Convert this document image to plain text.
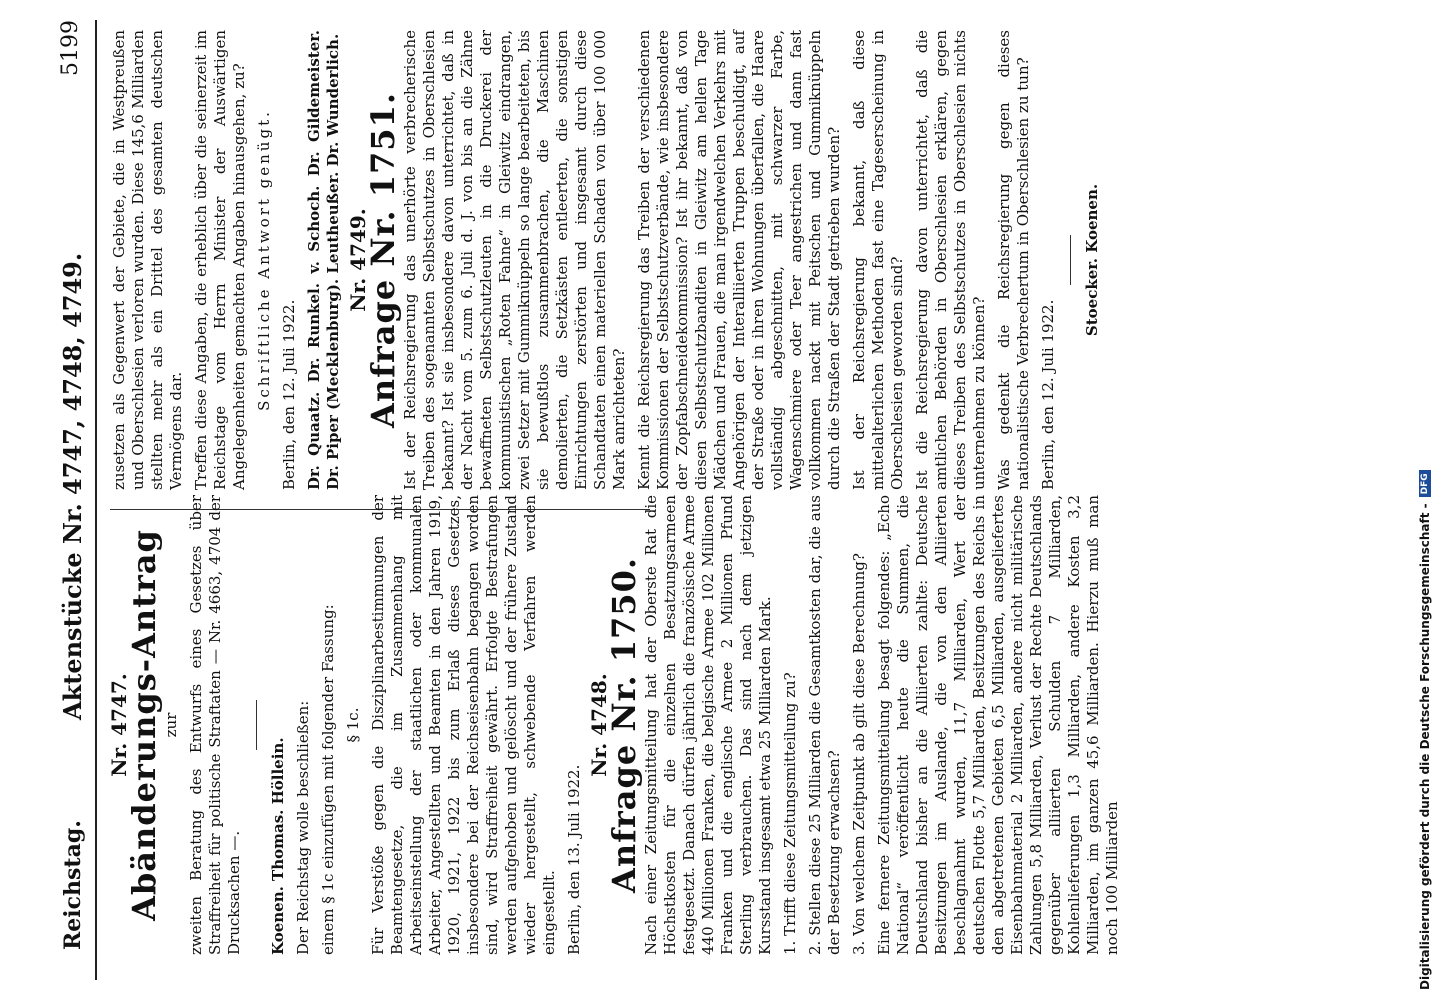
Reichstag.
Aktenstücke Nr. 4747, 4748, 4749.
5199
Nr. 4747.
Abänderungs-Antrag zur zweiten Beratung des Entwurfs eines Gesetzes über Straffreiheit für politische Straftaten — Nr. 4663, 4704 der Drucksachen —. Koenen. Thomas. Höllein. Der Reichstag wolle beschließen: einem § 1c einzufügen mit folgender Fassung: § 1c. Für Verstöße gegen die Disziplinarbestimmungen der Beamtengesetze, die im Zusammenhang mit Arbeitseinstellung der staatlichen oder kommunalen Arbeiter, Angestellten und Beamten in den Jahren 1919, 1920, 1921, 1922 bis zum Erlaß dieses Gesetzes, insbesondere bei der Reichseisenbahn begangen worden sind, wird Straffreiheit gewährt. Erfolgte Bestrafungen werden aufgehoben und gelöscht und der frühere Zustand wieder hergestellt, schwebende Verfahren werden eingestellt. Berlin, den 13. Juli 1922.

Nr. 4748.
Anfrage Nr. 1750. Nach einer Zeitungsmitteilung hat der Oberste Rat die Höchstkosten für die einzelnen Besatzungsarmeen festgesetzt. Danach dürfen jährlich die französische Armee 440 Millionen Franken, die belgische Armee 102 Millionen Franken und die englische Armee 2 Millionen Pfund Sterling verbrauchen. Das sind nach dem jetzigen Kursstand insgesamt etwa 25 Milliarden Mark. 1. Trifft diese Zeitungsmitteilung zu? 2. Stellen diese 25 Milliarden die Gesamtkosten dar, die aus der Besetzung erwachsen? 3. Von welchem Zeitpunkt ab gilt diese Berechnung? Eine fernere Zeitungsmitteilung besagt folgendes: „Echo National“ veröffentlicht heute die Summen, die Deutschland bisher an die Alliierten zahlte: Deutsche Besitzungen im Auslande, die von den Alliierten beschlagnahmt wurden, 11,7 Milliarden, Wert der deutschen Flotte 5,7 Milliarden, Besitzungen des Reichs in den abgetretenen Gebieten 6,5 Milliarden, ausgeliefertes Eisenbahnmaterial 2 Milliarden, andere nicht militärische Zahlungen 5,8 Milliarden, Verlust der Rechte Deutschlands gegenüber alliierten Schulden 7 Milliarden, Kohlenlieferungen 1,3 Milliarden, andere Kosten 3,2 Milliarden, im ganzen 45,6 Milliarden. Hierzu muß man noch 100 Milliarden

zusetzen als Gegenwert der Gebiete, die in Westpreußen und Oberschlesien verloren wurden. Diese 145,6 Milliarden stellten mehr als ein Drittel des gesamten deutschen Vermögens dar. Treffen diese Angaben, die erheblich über die seinerzeit im Reichstage vom Herrn Minister der Auswärtigen Angelegenheiten gemachten Angaben hinausgehen, zu? Schriftliche Antwort genügt. Berlin, den 12. Juli 1922. Dr. Quaatz. Dr. Runkel. v. Schoch. Dr. Gildemeister. Dr. Piper (Mecklenburg). Leutheußer. Dr. Wunderlich. Nr. 4749.
Anfrage Nr. 1751. Ist der Reichsregierung das unerhörte verbrecherische Treiben des sogenannten Selbstschutzes in Oberschlesien bekannt? Ist sie insbesondere davon unterrichtet, daß in der Nacht vom 5. zum 6. Juli d. J. von bis an die Zähne bewaffneten Selbstschutzleuten in die Druckerei der kommunistischen „Roten Fahne“ in Gleiwitz eindrangen, zwei Setzer mit Gummiknüppeln so lange bearbeiteten, bis sie bewußtlos zusammenbrachen, die Maschinen demolierten, die Setzkästen entleerten, die sonstigen Einrichtungen zerstörten und insgesamt durch diese Schandtaten einen materiellen Schaden von über 100 000 Mark anrichteten? Kennt die Reichsregierung das Treiben der verschiedenen Kommissionen der Selbstschutzverbände, wie insbesondere der Zopfabschneidekommission? Ist ihr bekannt, daß von diesen Selbstschutzbanditen in Gleiwitz am hellen Tage Mädchen und Frauen, die man irgendwelchen Verkehrs mit Angehörigen der Interalliierten Truppen beschuldigt, auf der Straße oder in ihren Wohnungen überfallen, die Haare vollständig abgeschnitten, mit schwarzer Farbe, Wagenschmiere oder Teer angestrichen und dann fast vollkommen nackt mit Peitschen und Gummiknüppeln durch die Straßen der Stadt getrieben wurden? Ist der Reichsregierung bekannt, daß diese mittelalterlichen Methoden fast eine Tageserscheinung in Oberschlesien geworden sind? Ist die Reichsregierung davon unterrichtet, daß die amtlichen Behörden in Oberschlesien erklären, gegen dieses Treiben des Selbstschutzes in Oberschlesien nichts unternehmen zu können? Was gedenkt die Reichsregierung gegen dieses nationalistische Verbrechertum in Oberschlesien zu tun? Berlin, den 12. Juli 1922.

Stoecker. Koenen.

Digitalisierung gefördert durch die Deutsche Forschungsgemeinschaft -
DFG
